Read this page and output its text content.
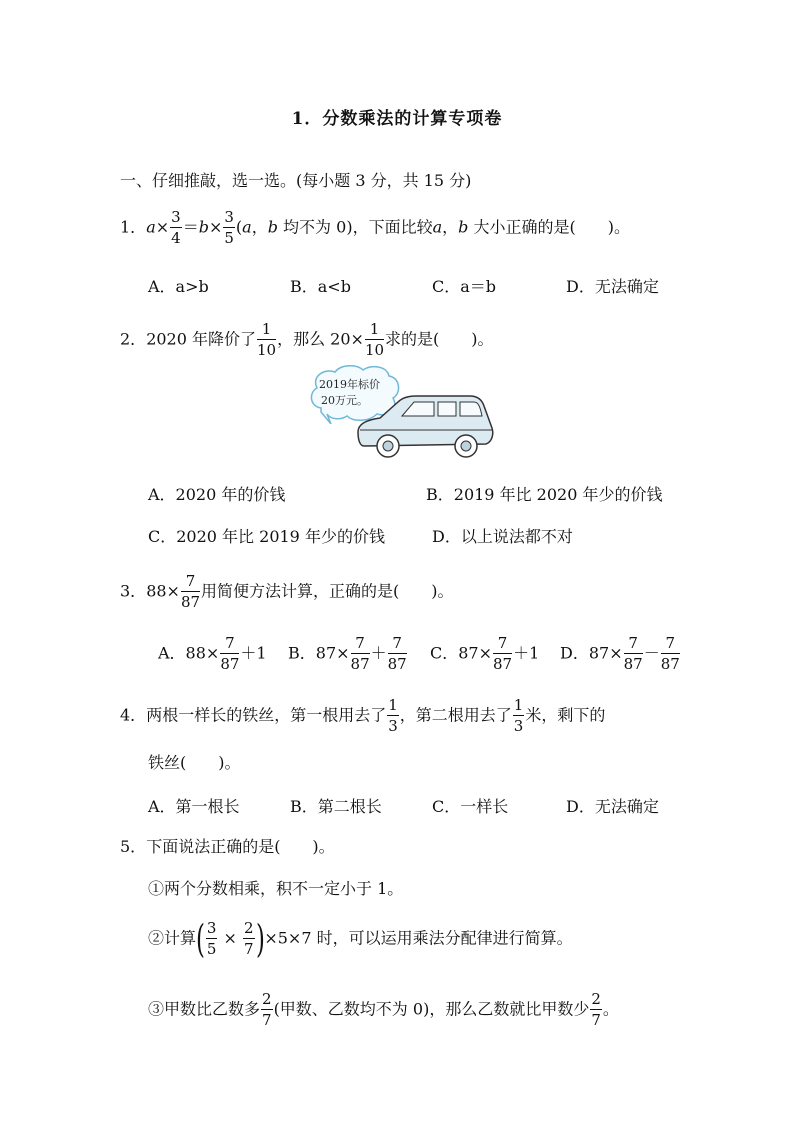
1．分数乘法的计算专项卷
一、仔细推敲，选一选。(每小题 3 分，共 15 分)
1．$a\times \frac{3}{4} =b\times \frac{3}{5} (a$，b 均不为 0)，下面比较a，b 大小正确的是(　　)。
A．a>b	B．a<b	C．a＝b	D．无法确定
2．2020 年降价了 $\frac{1}{10}$ ，那么 $20\times \frac{1}{10}$ 求的是(　　)。
2019年标价
20万元。
A．2020 年的价钱	B．2019 年比 2020 年少的价钱
C．2020 年比 2019 年少的价钱	D．以上说法都不对
3．$88\times \frac{7}{87}$ 用简便方法计算，正确的是(　　)。
A．$88\times \frac{7}{87} +1$ B．$87\times \frac{7}{87} + \frac{7}{87}$ C．$87\times \frac{7}{87} +1$ D．$87\times \frac{7}{87} - \frac{7}{87}$
4．两根一样长的铁丝，第一根用去了 $\frac{1}{3}$ ，第二根用去了 $\frac{1}{3}$ 米，剩下的
铁丝(　　)。
A．第一根长	B．第二根长	C．一样长	D．无法确定
5．下面说法正确的是(　　)。
①两个分数相乘，积不一定小于 1。
②计算( $\frac{3}{5} \times \frac{2}{7} )\times 5\times 7$ 时，可以运用乘法分配律进行简算。
③甲数比乙数多 $\frac{2}{7}$ (甲数、乙数均不为 0)，那么乙数就比甲数少 $\frac{2}{7}$ 。
